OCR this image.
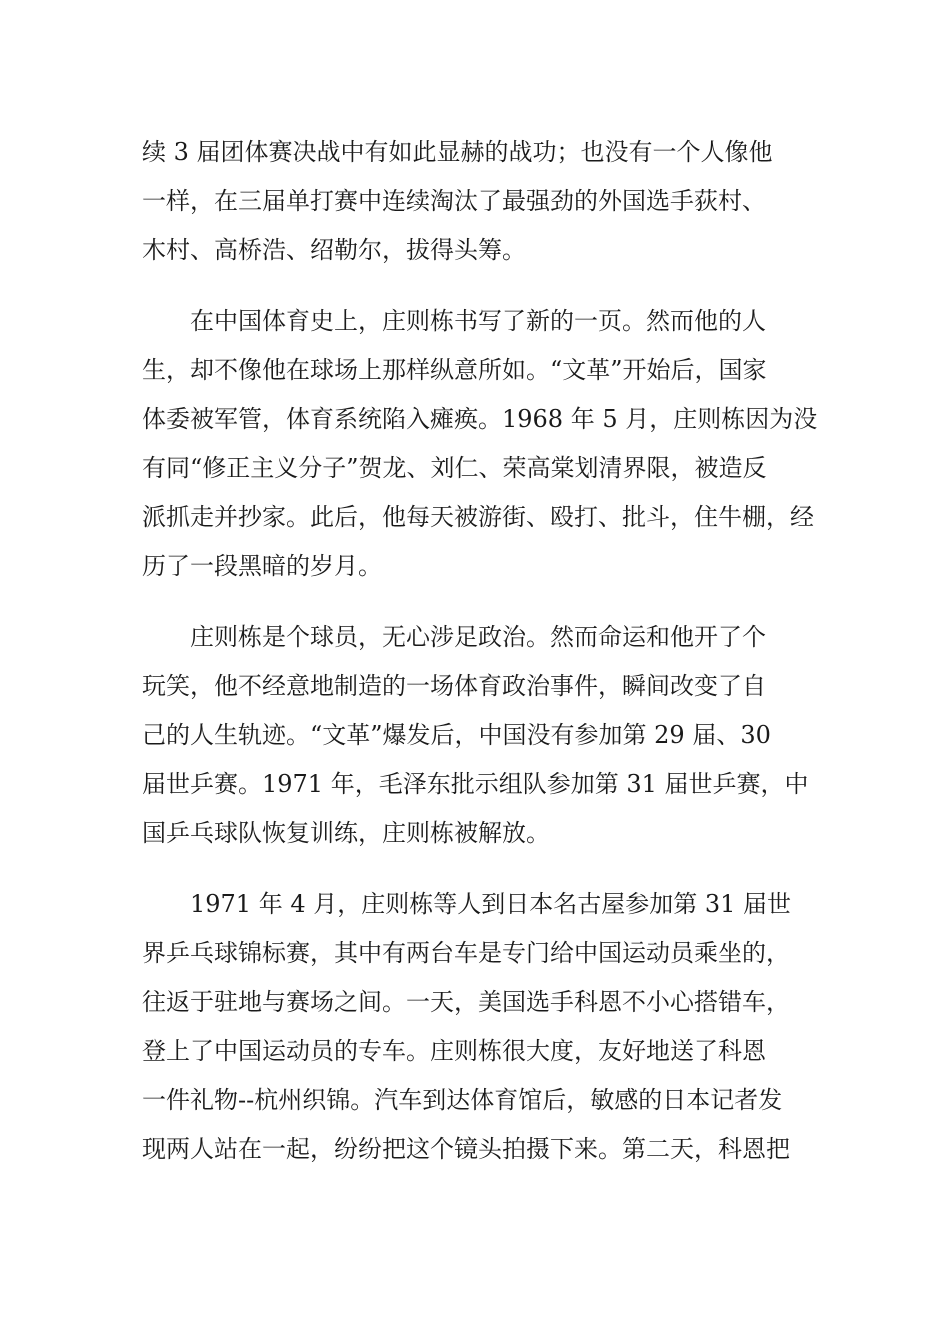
续 3 届团体赛决战中有如此显赫的战功；也没有一个人像他
一样，在三届单打赛中连续淘汰了最强劲的外国选手荻村、
木村、高桥浩、绍勒尔，拔得头筹。

　　在中国体育史上，庄则栋书写了新的一页。然而他的人
生，却不像他在球场上那样纵意所如。“文革”开始后，国家
体委被军管，体育系统陷入瘫痪。1968 年 5 月，庄则栋因为没
有同“修正主义分子”贺龙、刘仁、荣高棠划清界限，被造反
派抓走并抄家。此后，他每天被游街、殴打、批斗，住牛棚，经
历了一段黑暗的岁月。

　　庄则栋是个球员，无心涉足政治。然而命运和他开了个
玩笑，他不经意地制造的一场体育政治事件，瞬间改变了自
己的人生轨迹。“文革”爆发后，中国没有参加第 29 届、30
届世乒赛。1971 年，毛泽东批示组队参加第 31 届世乒赛，中
国乒乓球队恢复训练，庄则栋被解放。

　　1971 年 4 月，庄则栋等人到日本名古屋参加第 31 届世
界乒乓球锦标赛，其中有两台车是专门给中国运动员乘坐的，
往返于驻地与赛场之间。一天，美国选手科恩不小心搭错车，
登上了中国运动员的专车。庄则栋很大度，友好地送了科恩
一件礼物--杭州织锦。汽车到达体育馆后，敏感的日本记者发
现两人站在一起，纷纷把这个镜头拍摄下来。第二天，科恩把
